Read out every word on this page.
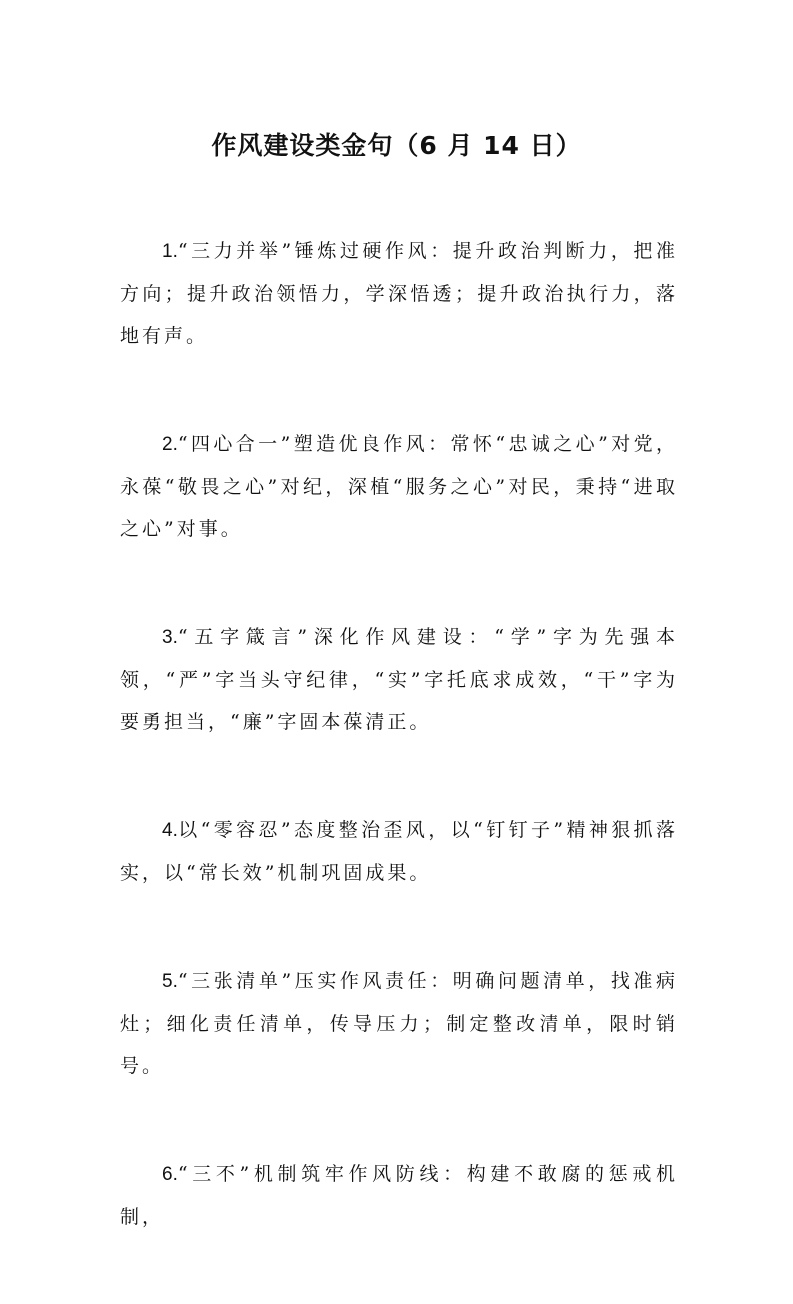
作风建设类金句（6 月 14 日）

1.“三力并举”锤炼过硬作风：提升政治判断力，把准方向；提升政治领悟力，学深悟透；提升政治执行力，落地有声。

2.“四心合一”塑造优良作风：常怀“忠诚之心”对党，永葆“敬畏之心”对纪，深植“服务之心”对民，秉持“进取之心”对事。

3.“五字箴言”深化作风建设：“学”字为先强本领，“严”字当头守纪律，“实”字托底求成效，“干”字为要勇担当，“廉”字固本葆清正。

4.以“零容忍”态度整治歪风，以“钉钉子”精神狠抓落实，以“常长效”机制巩固成果。

5.“三张清单”压实作风责任：明确问题清单，找准病灶；细化责任清单，传导压力；制定整改清单，限时销号。

6.“三不”机制筑牢作风防线：构建不敢腐的惩戒机制，
